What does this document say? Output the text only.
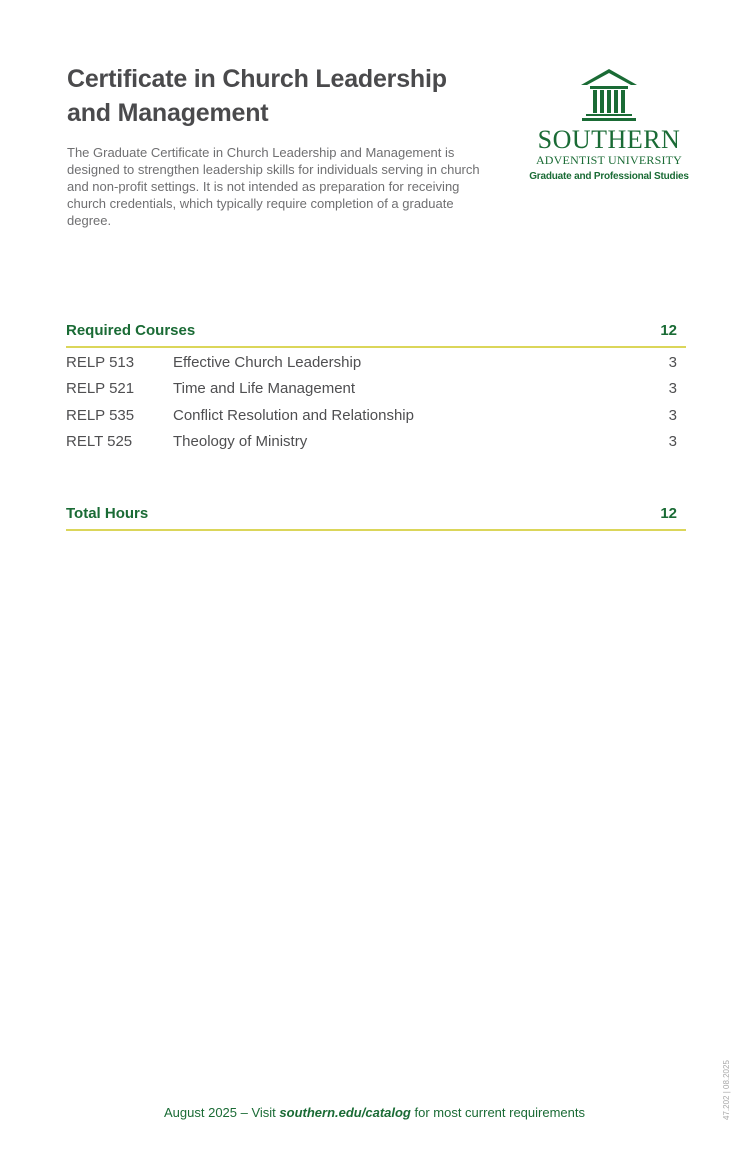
Certificate in Church Leadership
and Management

The Graduate Certificate in Church Leadership and Management is designed to strengthen leadership skills for individuals serving in church and non-profit settings. It is not intended as preparation for receiving church credentials, which typically require completion of a graduate degree.

SOUTHERN
ADVENTIST UNIVERSITY
Graduate and Professional Studies
Required Courses	12
RELP 513	Effective Church Leadership	3
RELP 521	Time and Life Management	3
RELP 535	Conflict Resolution and Relationship	3
RELT 525	Theology of Ministry	3
Total Hours	12
August 2025 – Visit southern.edu/catalog for most current requirements	47.202 | 08.2025
